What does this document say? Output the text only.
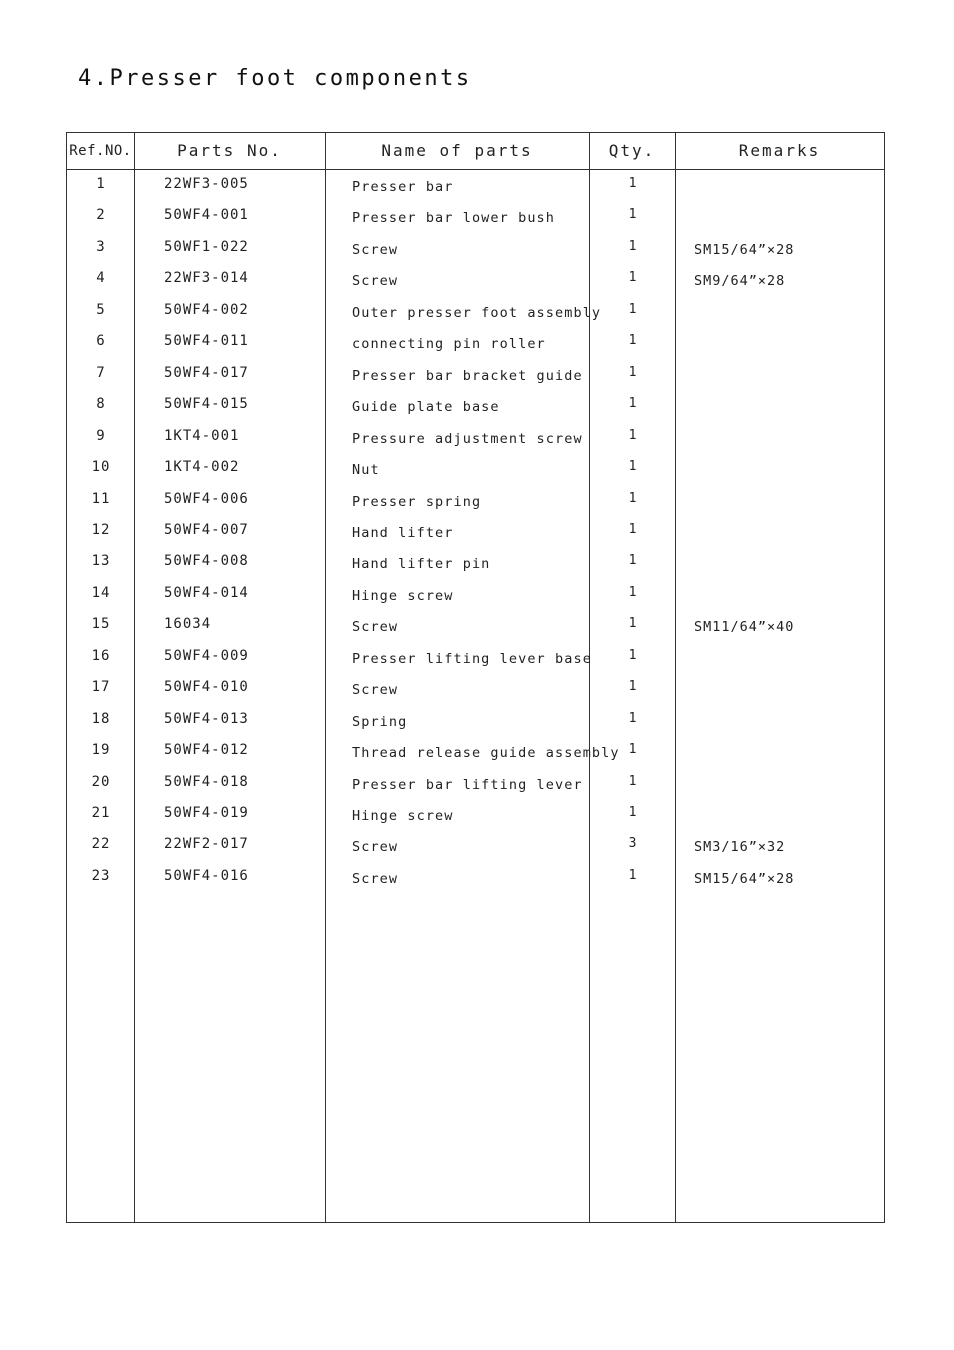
4.Presser foot components
Ref.NO.	Parts No.	Name of parts	Qty.	Remarks
1	22WF3-005	Presser bar	1
2	50WF4-001	Presser bar lower bush	1
3	50WF1-022	Screw	1	SM15/64”×28
4	22WF3-014	Screw	1	SM9/64”×28
5	50WF4-002	Outer presser foot assembly	1
6	50WF4-011	connecting pin roller	1
7	50WF4-017	Presser bar bracket guide	1
8	50WF4-015	Guide plate base	1
9	1KT4-001	Pressure adjustment screw	1
10	1KT4-002	Nut	1
11	50WF4-006	Presser spring	1
12	50WF4-007	Hand lifter	1
13	50WF4-008	Hand lifter pin	1
14	50WF4-014	Hinge screw	1
15	16034	Screw	1	SM11/64”×40
16	50WF4-009	Presser lifting lever base	1
17	50WF4-010	Screw	1
18	50WF4-013	Spring	1
19	50WF4-012	Thread release guide assembly 1
20	50WF4-018	Presser bar lifting lever	1
21	50WF4-019	Hinge screw	1
22	22WF2-017	Screw	3	SM3/16”×32
23	50WF4-016	Screw	1	SM15/64”×28
